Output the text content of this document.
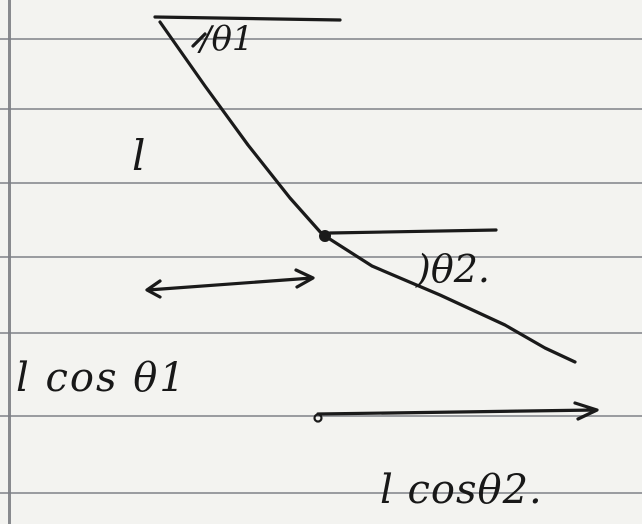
/θ1
l
)θ2.
l cos θ1
l cosθ2.
